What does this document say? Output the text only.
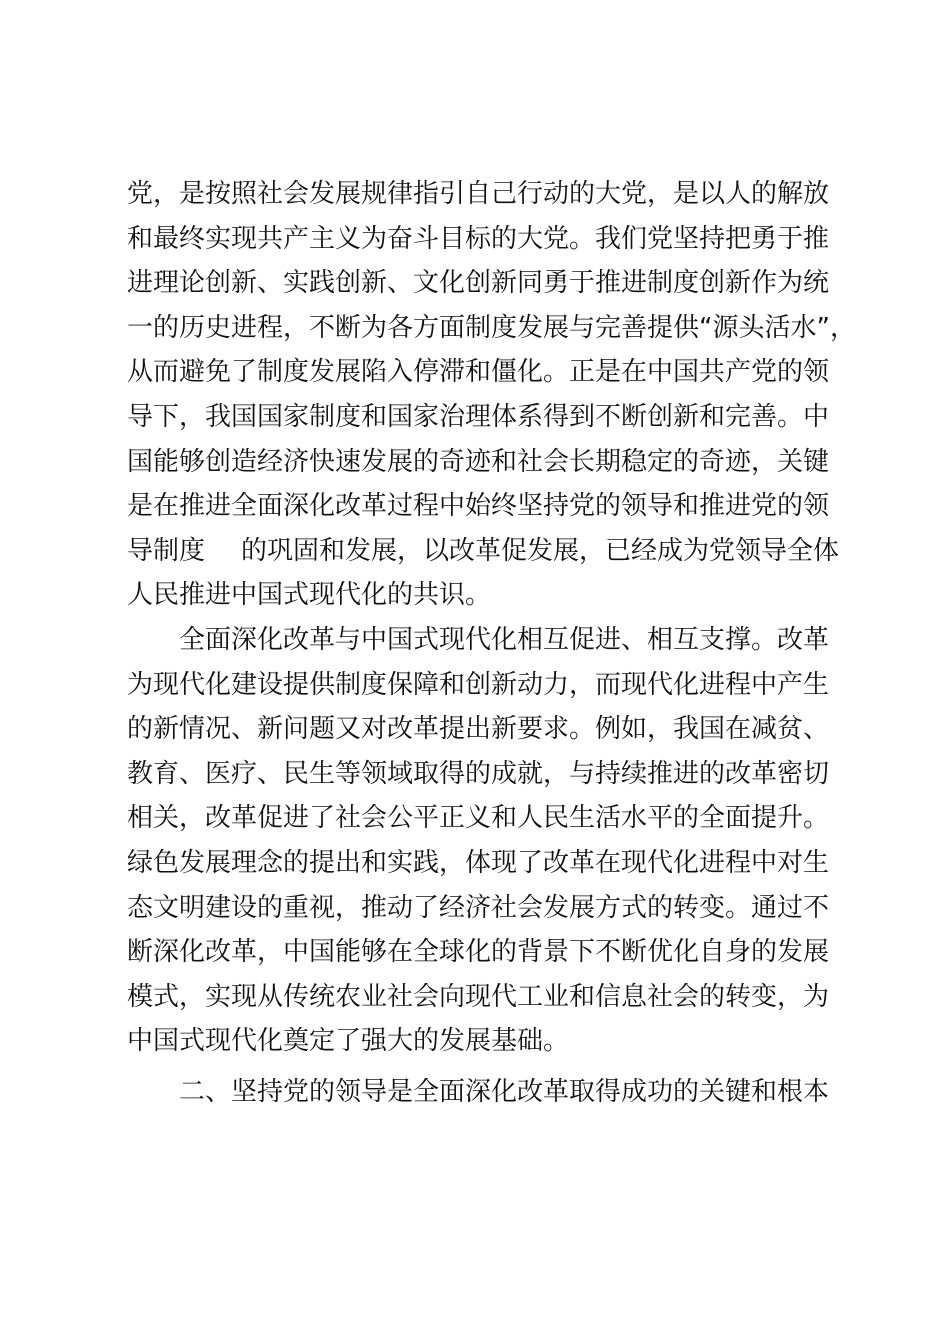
党，是按照社会发展规律指引自己行动的大党，是以人的解放
和最终实现共产主义为奋斗目标的大党。我们党坚持把勇于推
进理论创新、实践创新、文化创新同勇于推进制度创新作为统
一的历史进程，不断为各方面制度发展与完善提供“源头活水”，
从而避免了制度发展陷入停滞和僵化。正是在中国共产党的领
导下，我国国家制度和国家治理体系得到不断创新和完善。中
国能够创造经济快速发展的奇迹和社会长期稳定的奇迹，关键
是在推进全面深化改革过程中始终坚持党的领导和推进党的领
导制度 的巩固和发展，以改革促发展，已经成为党领导全体
人民推进中国式现代化的共识。
全面深化改革与中国式现代化相互促进、相互支撑。改革
为现代化建设提供制度保障和创新动力，而现代化进程中产生
的新情况、新问题又对改革提出新要求。例如，我国在减贫、
教育、医疗、民生等领域取得的成就，与持续推进的改革密切
相关，改革促进了社会公平正义和人民生活水平的全面提升。
绿色发展理念的提出和实践，体现了改革在现代化进程中对生
态文明建设的重视，推动了经济社会发展方式的转变。通过不
断深化改革，中国能够在全球化的背景下不断优化自身的发展
模式，实现从传统农业社会向现代工业和信息社会的转变，为
中国式现代化奠定了强大的发展基础。
二、坚持党的领导是全面深化改革取得成功的关键和根本
